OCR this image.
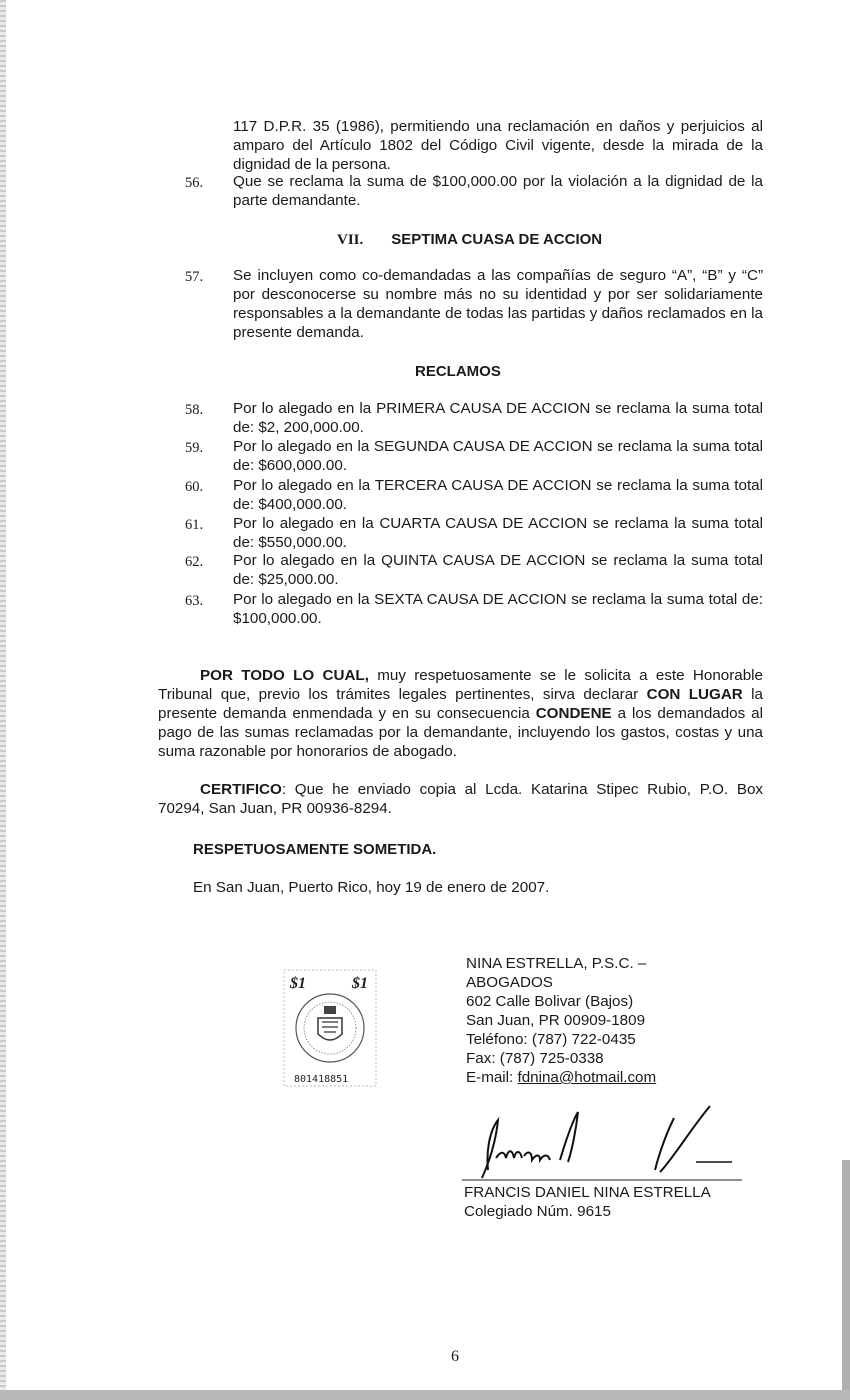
117 D.P.R. 35 (1986), permitiendo una reclamación en daños y perjuicios al amparo del Artículo 1802 del Código Civil vigente, desde la mirada de la dignidad de la persona.

56. Que se reclama la suma de $100,000.00 por la violación a la dignidad de la parte demandante.

VII. SEPTIMA CUASA DE ACCION

57. Se incluyen como co-demandadas a las compañías de seguro “A”, “B” y “C” por desconocerse su nombre más no su identidad y por ser solidariamente responsables a la demandante de todas las partidas y daños reclamados en la presente demanda.

RECLAMOS

58. Por lo alegado en la PRIMERA CAUSA DE ACCION se reclama la suma total de: $2, 200,000.00.

59. Por lo alegado en la SEGUNDA CAUSA DE ACCION se reclama la suma total de: $600,000.00.

60. Por lo alegado en la TERCERA CAUSA DE ACCION se reclama la suma total de: $400,000.00.

61. Por lo alegado en la CUARTA CAUSA DE ACCION se reclama la suma total de: $550,000.00.

62. Por lo alegado en la QUINTA CAUSA DE ACCION se reclama la suma total de: $25,000.00.

63. Por lo alegado en la SEXTA CAUSA DE ACCION se reclama la suma total de: $100,000.00.

POR TODO LO CUAL, muy respetuosamente se le solicita a este Honorable Tribunal que, previo los trámites legales pertinentes, sirva declarar CON LUGAR la presente demanda enmendada y en su consecuencia CONDENE a los demandados al pago de las sumas reclamadas por la demandante, incluyendo los gastos, costas y una suma razonable por honorarios de abogado.

CERTIFICO: Que he enviado copia al Lcda. Katarina Stipec Rubio, P.O. Box 70294, San Juan, PR 00936-8294.

RESPETUOSAMENTE SOMETIDA.

En San Juan, Puerto Rico, hoy 19 de enero de 2007.

$1	$1
801418851
NINA ESTRELLA, P.S.C. –
ABOGADOS
602 Calle Bolivar (Bajos)
San Juan, PR 00909-1809
Teléfono: (787) 722-0435
Fax: (787) 725-0338
E-mail: fdnina@hotmail.com
FRANCIS DANIEL NINA ESTRELLA
Colegiado Núm. 9615
6
